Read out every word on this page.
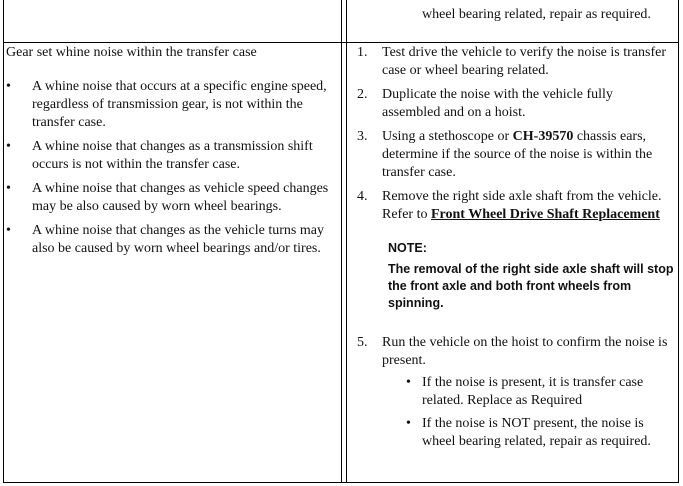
wheel bearing related, repair as required.

Gear set whine noise within the transfer case

• A whine noise that occurs at a specific engine speed, regardless of transmission gear, is not within the transfer case.
• A whine noise that changes as a transmission shift occurs is not within the transfer case.
• A whine noise that changes as vehicle speed changes may be also caused by worn wheel bearings.
• A whine noise that changes as the vehicle turns may also be caused by worn wheel bearings and/or tires.
1. Test drive the vehicle to verify the noise is transfer case or wheel bearing related.
2. Duplicate the noise with the vehicle fully assembled and on a hoist.
3. Using a stethoscope or CH-39570 chassis ears, determine if the source of the noise is within the transfer case.
4. Remove the right side axle shaft from the vehicle. Refer to Front Wheel Drive Shaft Replacement
NOTE:
The removal of the right side axle shaft will stop the front axle and both front wheels from spinning.
5. Run the vehicle on the hoist to confirm the noise is present.
• If the noise is present, it is transfer case related. Replace as Required
• If the noise is NOT present, the noise is wheel bearing related, repair as required.
